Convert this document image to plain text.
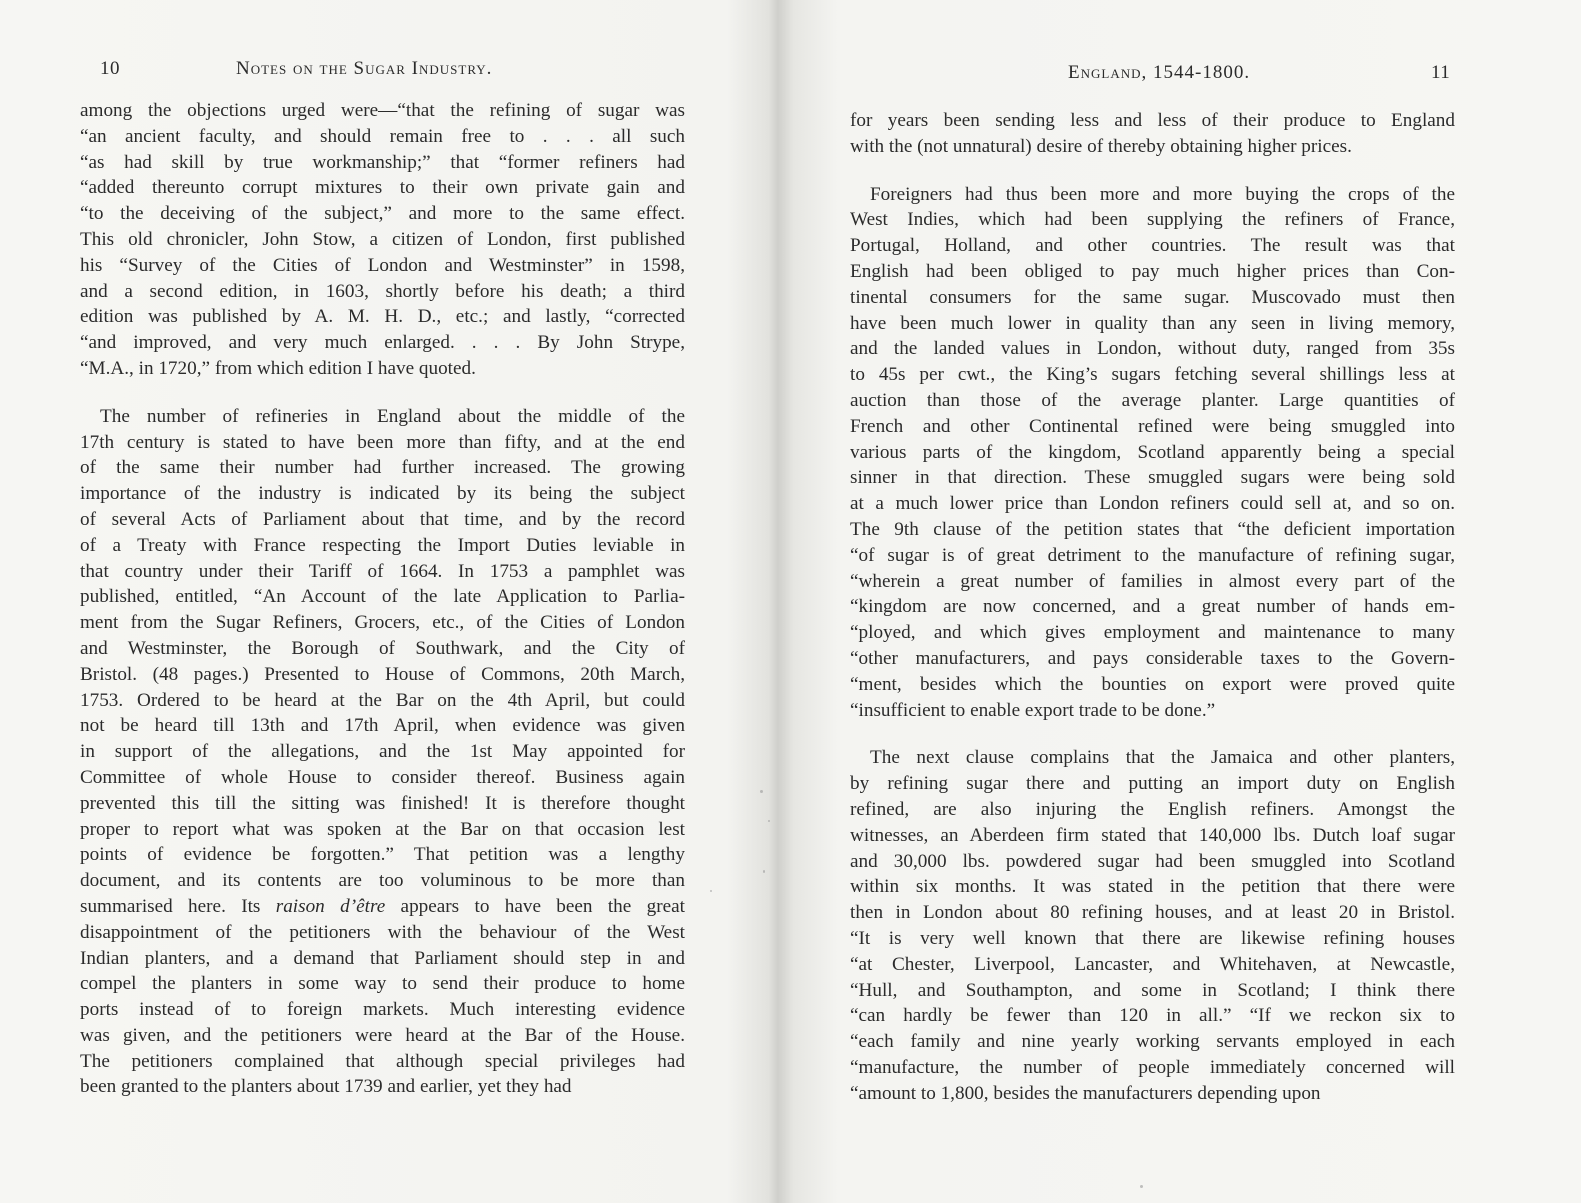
10	Notes on the Sugar Industry.
among the objections urged were—“that the refining of sugar was
“an ancient faculty, and should remain free to . . . all such
“as had skill by true workmanship;” that “former refiners had
“added thereunto corrupt mixtures to their own private gain and
“to the deceiving of the subject,” and more to the same effect.
This old chronicler, John Stow, a citizen of London, first published
his “Survey of the Cities of London and Westminster” in 1598,
and a second edition, in 1603, shortly before his death; a third
edition was published by A. M. H. D., etc.; and lastly, “corrected
“and improved, and very much enlarged. . . . By John Strype,
“M.A., in 1720,” from which edition I have quoted.
The number of refineries in England about the middle of the
17th century is stated to have been more than fifty, and at the end
of the same their number had further increased. The growing
importance of the industry is indicated by its being the subject
of several Acts of Parliament about that time, and by the record
of a Treaty with France respecting the Import Duties leviable in
that country under their Tariff of 1664. In 1753 a pamphlet was
published, entitled, “An Account of the late Application to Parlia-
ment from the Sugar Refiners, Grocers, etc., of the Cities of London
and Westminster, the Borough of Southwark, and the City of
Bristol. (48 pages.) Presented to House of Commons, 20th March,
1753. Ordered to be heard at the Bar on the 4th April, but could
not be heard till 13th and 17th April, when evidence was given
in support of the allegations, and the 1st May appointed for
Committee of whole House to consider thereof. Business again
prevented this till the sitting was finished! It is therefore thought
proper to report what was spoken at the Bar on that occasion lest
points of evidence be forgotten.” That petition was a lengthy
document, and its contents are too voluminous to be more than
summarised here. Its raison d’être appears to have been the great
disappointment of the petitioners with the behaviour of the West
Indian planters, and a demand that Parliament should step in and
compel the planters in some way to send their produce to home
ports instead of to foreign markets. Much interesting evidence
was given, and the petitioners were heard at the Bar of the House.
The petitioners complained that although special privileges had
been granted to the planters about 1739 and earlier, yet they had
England, 1544-1800.	11
for years been sending less and less of their produce to England
with the (not unnatural) desire of thereby obtaining higher prices.
Foreigners had thus been more and more buying the crops of the
West Indies, which had been supplying the refiners of France,
Portugal, Holland, and other countries. The result was that
English had been obliged to pay much higher prices than Con-
tinental consumers for the same sugar. Muscovado must then
have been much lower in quality than any seen in living memory,
and the landed values in London, without duty, ranged from 35s
to 45s per cwt., the King’s sugars fetching several shillings less at
auction than those of the average planter. Large quantities of
French and other Continental refined were being smuggled into
various parts of the kingdom, Scotland apparently being a special
sinner in that direction. These smuggled sugars were being sold
at a much lower price than London refiners could sell at, and so on.
The 9th clause of the petition states that “the deficient importation
“of sugar is of great detriment to the manufacture of refining sugar,
“wherein a great number of families in almost every part of the
“kingdom are now concerned, and a great number of hands em-
“ployed, and which gives employment and maintenance to many
“other manufacturers, and pays considerable taxes to the Govern-
“ment, besides which the bounties on export were proved quite
“insufficient to enable export trade to be done.”
The next clause complains that the Jamaica and other planters,
by refining sugar there and putting an import duty on English
refined, are also injuring the English refiners. Amongst the
witnesses, an Aberdeen firm stated that 140,000 lbs. Dutch loaf sugar
and 30,000 lbs. powdered sugar had been smuggled into Scotland
within six months. It was stated in the petition that there were
then in London about 80 refining houses, and at least 20 in Bristol.
“It is very well known that there are likewise refining houses
“at Chester, Liverpool, Lancaster, and Whitehaven, at Newcastle,
“Hull, and Southampton, and some in Scotland; I think there
“can hardly be fewer than 120 in all.” “If we reckon six to
“each family and nine yearly working servants employed in each
“manufacture, the number of people immediately concerned will
“amount to 1,800, besides the manufacturers depending upon
